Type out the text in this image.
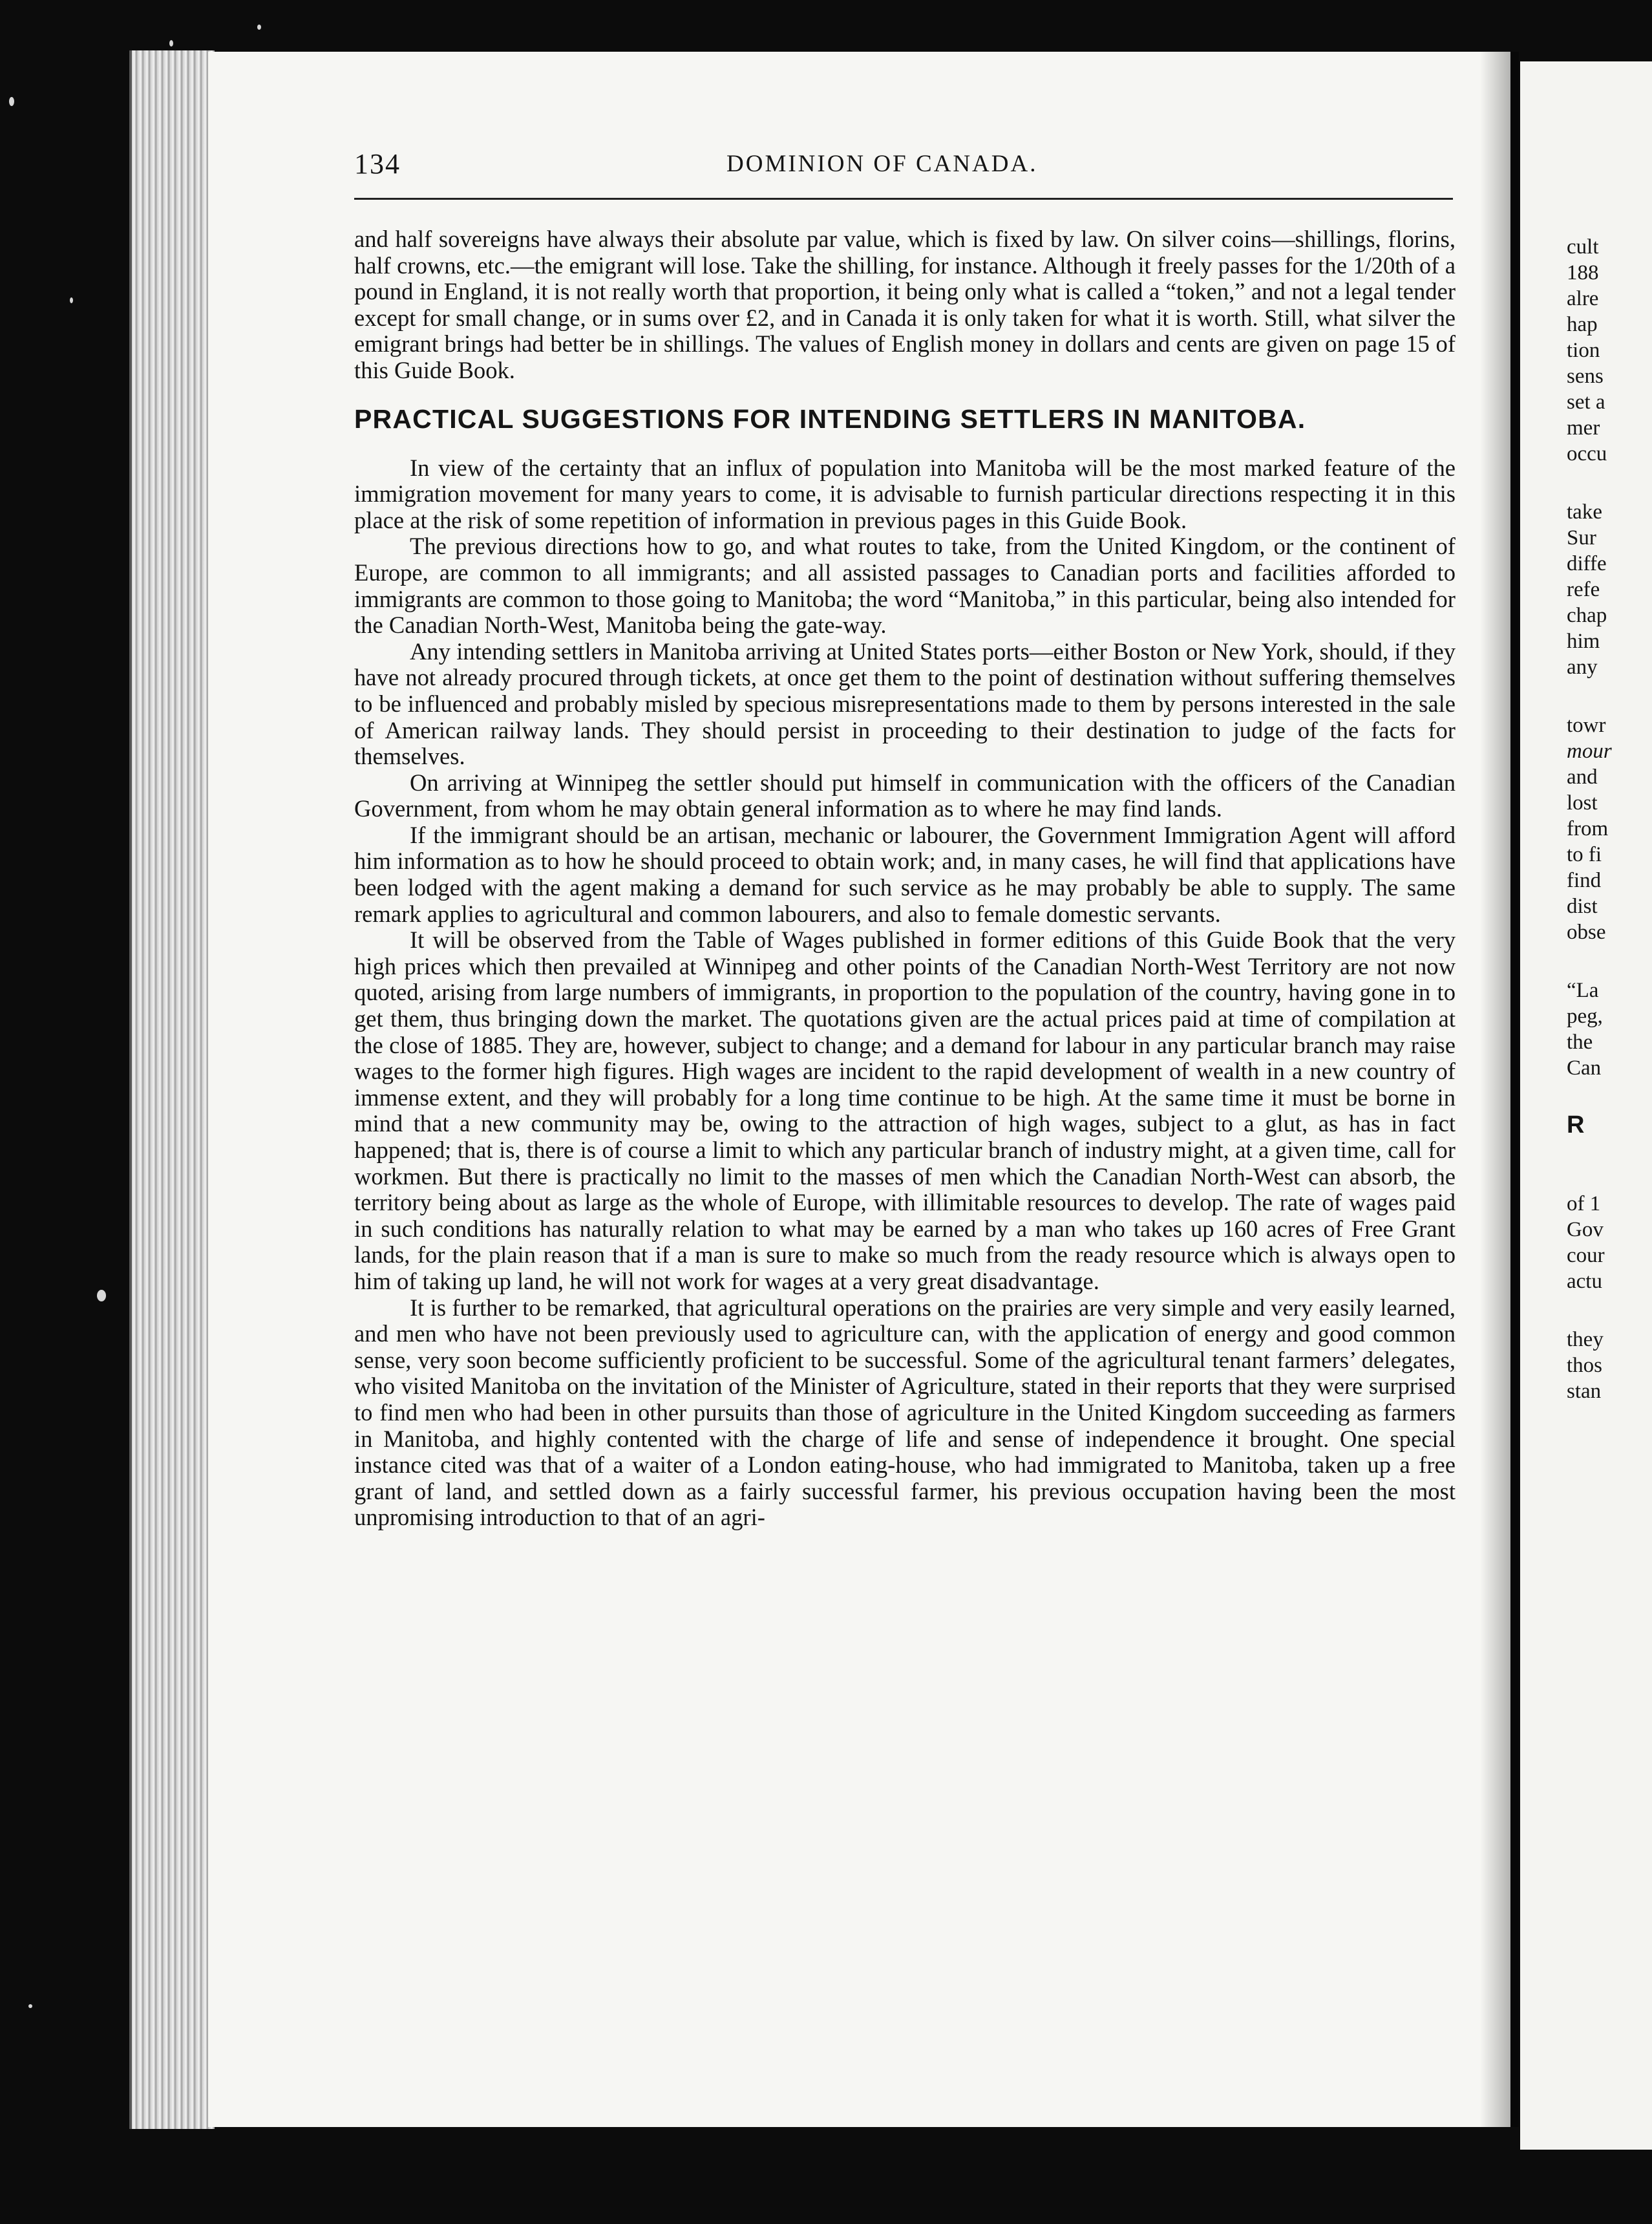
134	DOMINION OF CANADA.

and half sovereigns have always their absolute par value, which is fixed by law. On silver coins—shillings, florins, half crowns, etc.—the emigrant will lose. Take the shilling, for instance. Although it freely passes for the 1/20th of a pound in England, it is not really worth that proportion, it being only what is called a “token,” and not a legal tender except for small change, or in sums over £2, and in Canada it is only taken for what it is worth. Still, what silver the emigrant brings had better be in shillings. The values of English money in dollars and cents are given on page 15 of this Guide Book.

PRACTICAL SUGGESTIONS FOR INTENDING SETTLERS IN MANITOBA.

In view of the certainty that an influx of population into Manitoba will be the most marked feature of the immigration movement for many years to come, it is advisable to furnish particular directions respecting it in this place at the risk of some repetition of information in previous pages in this Guide Book.

The previous directions how to go, and what routes to take, from the United Kingdom, or the continent of Europe, are common to all immigrants; and all assisted passages to Canadian ports and facilities afforded to immigrants are common to those going to Manitoba; the word “Manitoba,” in this particular, being also intended for the Canadian North-West, Manitoba being the gate-way.

Any intending settlers in Manitoba arriving at United States ports—either Boston or New York, should, if they have not already procured through tickets, at once get them to the point of destination without suffering themselves to be influenced and probably misled by specious misrepresentations made to them by persons interested in the sale of American railway lands. They should persist in proceeding to their destination to judge of the facts for themselves.

On arriving at Winnipeg the settler should put himself in communication with the officers of the Canadian Government, from whom he may obtain general information as to where he may find lands.

If the immigrant should be an artisan, mechanic or labourer, the Government Immigration Agent will afford him information as to how he should proceed to obtain work; and, in many cases, he will find that applications have been lodged with the agent making a demand for such service as he may probably be able to supply. The same remark applies to agricultural and common labourers, and also to female domestic servants.

It will be observed from the Table of Wages published in former editions of this Guide Book that the very high prices which then prevailed at Winnipeg and other points of the Canadian North-West Territory are not now quoted, arising from large numbers of immigrants, in proportion to the population of the country, having gone in to get them, thus bringing down the market. The quotations given are the actual prices paid at time of compilation at the close of 1885. They are, however, subject to change; and a demand for labour in any particular branch may raise wages to the former high figures. High wages are incident to the rapid development of wealth in a new country of immense extent, and they will probably for a long time continue to be high. At the same time it must be borne in mind that a new community may be, owing to the attraction of high wages, subject to a glut, as has in fact happened; that is, there is of course a limit to which any particular branch of industry might, at a given time, call for workmen. But there is practically no limit to the masses of men which the Canadian North-West can absorb, the territory being about as large as the whole of Europe, with illimitable resources to develop. The rate of wages paid in such conditions has naturally relation to what may be earned by a man who takes up 160 acres of Free Grant lands, for the plain reason that if a man is sure to make so much from the ready resource which is always open to him of taking up land, he will not work for wages at a very great disadvantage.

It is further to be remarked, that agricultural operations on the prairies are very simple and very easily learned, and men who have not been previously used to agriculture can, with the application of energy and good common sense, very soon become sufficiently proficient to be successful. Some of the agricultural tenant farmers’ delegates, who visited Manitoba on the invitation of the Minister of Agriculture, stated in their reports that they were surprised to find men who had been in other pursuits than those of agriculture in the United Kingdom succeeding as farmers in Manitoba, and highly contented with the charge of life and sense of independence it brought. One special instance cited was that of a waiter of a London eating-house, who had immigrated to Manitoba, taken up a free grant of land, and settled down as a fairly successful farmer, his previous occupation having been the most unpromising introduction to that of an agri-

cult

188

alre

hap

tion

sens

set a

mer

occu

take

Sur

diffe

refe

chap

him

any

towr

mour

and

lost

from

to fi

find

dist

obse

“La

peg,

the

Can

R

of 1

Gov

cour

actu

they

thos

stan
